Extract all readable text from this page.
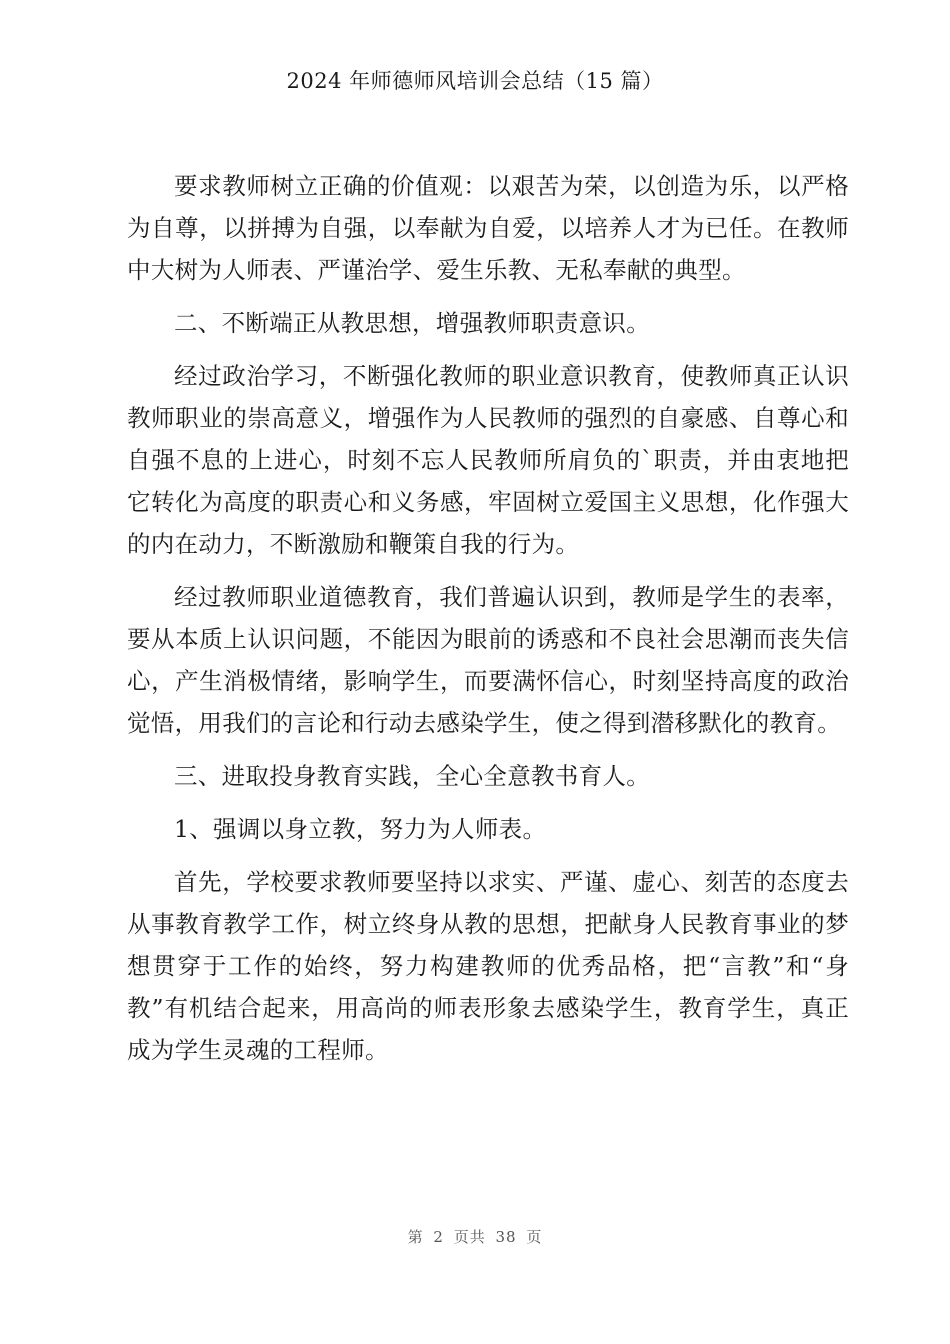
2024 年师德师风培训会总结（15 篇）

要求教师树立正确的价值观：以艰苦为荣，以创造为乐，以严格为自尊，以拼搏为自强，以奉献为自爱，以培养人才为已任。在教师中大树为人师表、严谨治学、爱生乐教、无私奉献的典型。

二、不断端正从教思想，增强教师职责意识。

经过政治学习，不断强化教师的职业意识教育，使教师真正认识教师职业的崇高意义，增强作为人民教师的强烈的自豪感、自尊心和自强不息的上进心，时刻不忘人民教师所肩负的`职责，并由衷地把它转化为高度的职责心和义务感，牢固树立爱国主义思想，化作强大的内在动力，不断激励和鞭策自我的行为。

经过教师职业道德教育，我们普遍认识到，教师是学生的表率，要从本质上认识问题，不能因为眼前的诱惑和不良社会思潮而丧失信心，产生消极情绪，影响学生，而要满怀信心，时刻坚持高度的政治觉悟，用我们的言论和行动去感染学生，使之得到潜移默化的教育。

三、进取投身教育实践，全心全意教书育人。

1、强调以身立教，努力为人师表。

首先，学校要求教师要坚持以求实、严谨、虚心、刻苦的态度去从事教育教学工作，树立终身从教的思想，把献身人民教育事业的梦想贯穿于工作的始终，努力构建教师的优秀品格，把“言教”和“身教”有机结合起来，用高尚的师表形象去感染学生，教育学生，真正成为学生灵魂的工程师。

第 2 页共 38 页
